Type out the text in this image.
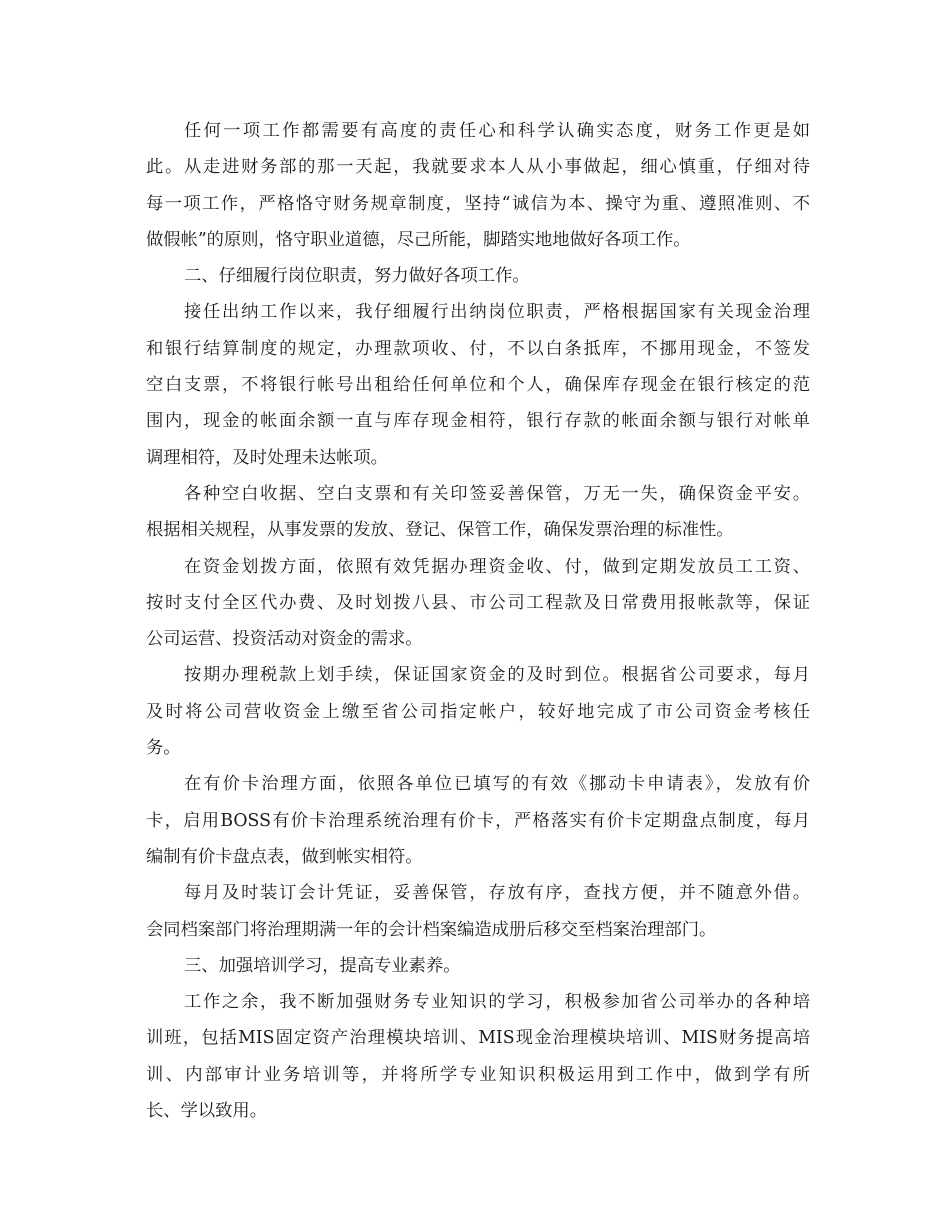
任何一项工作都需要有高度的责任心和科学认确实态度，财务工作更是如
此。从走进财务部的那一天起，我就要求本人从小事做起，细心慎重，仔细对待
每一项工作，严格恪守财务规章制度，坚持“诚信为本、操守为重、遵照准则、不
做假帐”的原则，恪守职业道德，尽己所能，脚踏实地地做好各项工作。
二、仔细履行岗位职责，努力做好各项工作。
接任出纳工作以来，我仔细履行出纳岗位职责，严格根据国家有关现金治理
和银行结算制度的规定，办理款项收、付，不以白条抵库，不挪用现金，不签发
空白支票，不将银行帐号出租给任何单位和个人，确保库存现金在银行核定的范
围内，现金的帐面余额一直与库存现金相符，银行存款的帐面余额与银行对帐单
调理相符，及时处理未达帐项。
各种空白收据、空白支票和有关印签妥善保管，万无一失，确保资金平安。
根据相关规程，从事发票的发放、登记、保管工作，确保发票治理的标准性。
在资金划拨方面，依照有效凭据办理资金收、付，做到定期发放员工工资、
按时支付全区代办费、及时划拨八县、市公司工程款及日常费用报帐款等，保证
公司运营、投资活动对资金的需求。
按期办理税款上划手续，保证国家资金的及时到位。根据省公司要求，每月
及时将公司营收资金上缴至省公司指定帐户，较好地完成了市公司资金考核任
务。
在有价卡治理方面，依照各单位已填写的有效《挪动卡申请表》，发放有价
卡，启用BOSS有价卡治理系统治理有价卡，严格落实有价卡定期盘点制度，每月
编制有价卡盘点表，做到帐实相符。
每月及时装订会计凭证，妥善保管，存放有序，查找方便，并不随意外借。
会同档案部门将治理期满一年的会计档案编造成册后移交至档案治理部门。
三、加强培训学习，提高专业素养。
工作之余，我不断加强财务专业知识的学习，积极参加省公司举办的各种培
训班，包括MIS固定资产治理模块培训、MIS现金治理模块培训、MIS财务提高培
训、内部审计业务培训等，并将所学专业知识积极运用到工作中，做到学有所
长、学以致用。
